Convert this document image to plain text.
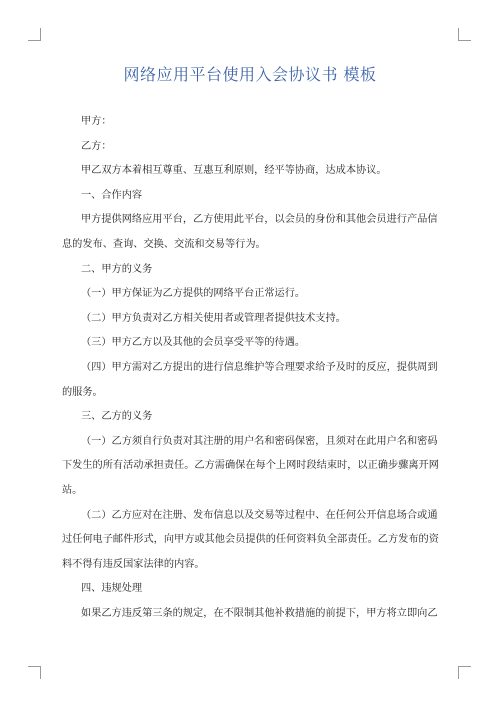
网络应用平台使用入会协议书 模板

甲方：

乙方：

甲乙双方本着相互尊重、互惠互利原则，经平等协商，达成本协议。

一、合作内容

甲方提供网络应用平台，乙方使用此平台，以会员的身份和其他会员进行产品信息的发布、查询、交换、交流和交易等行为。

二、甲方的义务

（一）甲方保证为乙方提供的网络平台正常运行。

（二）甲方负责对乙方相关使用者或管理者提供技术支持。

（三）甲方乙方以及其他的会员享受平等的待遇。

（四）甲方需对乙方提出的进行信息维护等合理要求给予及时的反应，提供周到的服务。

三、乙方的义务

（一）乙方须自行负责对其注册的用户名和密码保密，且须对在此用户名和密码下发生的所有活动承担责任。乙方需确保在每个上网时段结束时，以正确步骤离开网站。

（二）乙方应对在注册、发布信息以及交易等过程中、在任何公开信息场合或通过任何电子邮件形式，向甲方或其他会员提供的任何资料负全部责任。乙方发布的资料不得有违反国家法律的内容。

四、违规处理

如果乙方违反第三条的规定，在不限制其他补救措施的前提下，甲方将立即向乙
